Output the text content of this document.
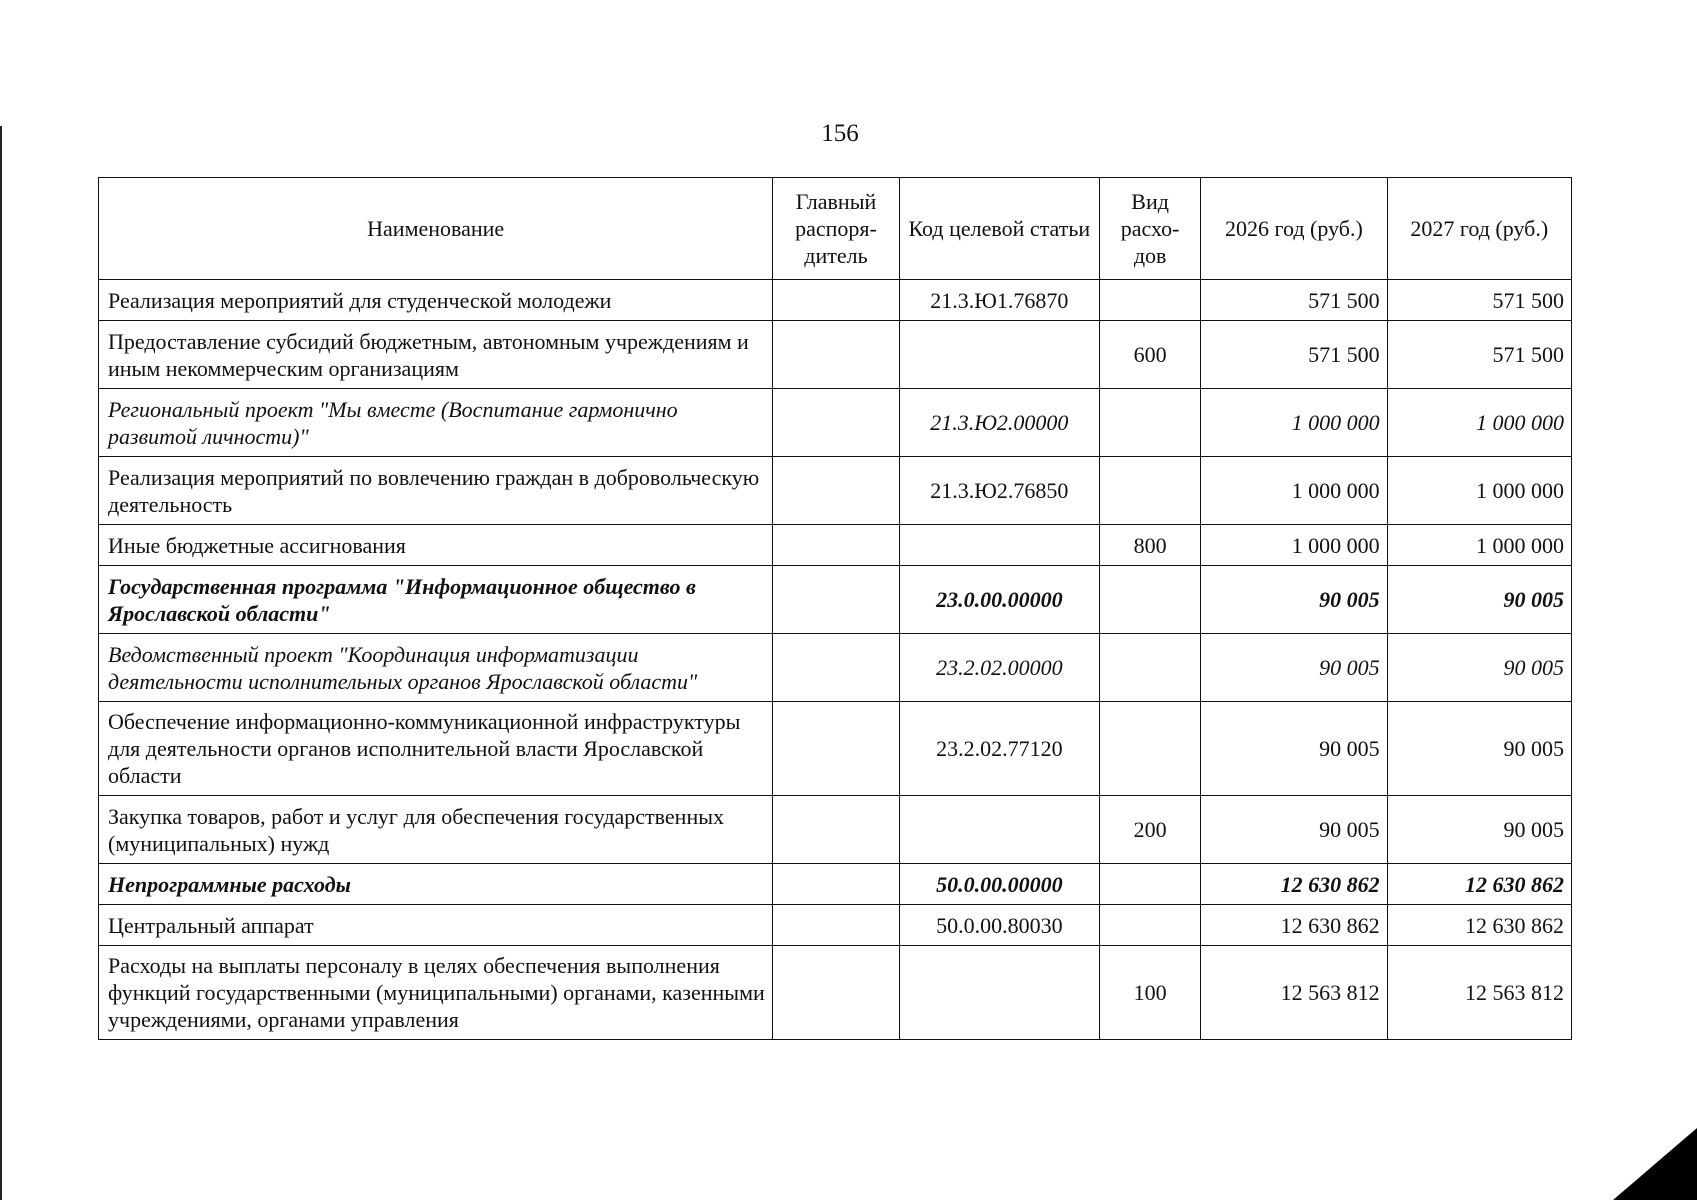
156
Наименование	Главный распоря-дитель	Код целевой статьи	Вид расхо-дов	2026 год (руб.)	2027 год (руб.)
Реализация мероприятий для студенческой молодежи		21.3.Ю1.76870		571 500	571 500
Предоставление субсидий бюджетным, автономным учреждениям и иным некоммерческим организациям			600	571 500	571 500
Региональный проект "Мы вместе (Воспитание гармонично развитой личности)"		21.3.Ю2.00000		1 000 000	1 000 000
Реализация мероприятий по вовлечению граждан в добровольческую деятельность		21.3.Ю2.76850		1 000 000	1 000 000
Иные бюджетные ассигнования			800	1 000 000	1 000 000
Государственная программа "Информационное общество в Ярославской области"		23.0.00.00000		90 005	90 005
Ведомственный проект "Координация информатизации деятельности исполнительных органов Ярославской области"		23.2.02.00000		90 005	90 005
Обеспечение информационно-коммуникационной инфраструктуры для деятельности органов исполнительной власти Ярославской области		23.2.02.77120		90 005	90 005
Закупка товаров, работ и услуг для обеспечения государственных (муниципальных) нужд			200	90 005	90 005
Непрограммные расходы		50.0.00.00000		12 630 862	12 630 862
Центральный аппарат		50.0.00.80030		12 630 862	12 630 862
Расходы на выплаты персоналу в целях обеспечения выполнения функций государственными (муниципальными) органами, казенными учреждениями, органами управления			100	12 563 812	12 563 812
